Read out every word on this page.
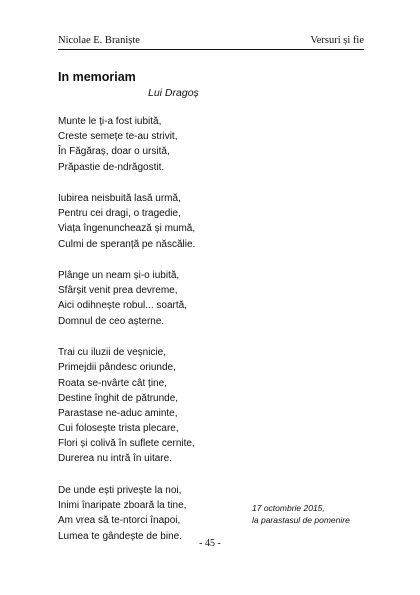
Nicolae E. Braniște	Versuri și fie
In memoriam
Lui Dragoș
Munte le ți-a fost iubită,
Creste semețe te-au strivit,
În Făgăraș, doar o ursită,
Prăpastie de-ndrăgostit.
Iubirea neisbuită lasă urmă,
Pentru cei dragi, o tragedie,
Viața îngenunchează și mumă,
Culmi de speranță pe născălie.
Plânge un neam și-o iubită,
Sfârșit venit prea devreme,
Aici odihnește robul... soartă,
Domnul de ceo așterne.
Trai cu iluzii de veșnicie,
Primejdii pândesc oriunde,
Roata se-nvârte cât ține,
Destine înghit de pătrunde,
Parastase ne-aduc aminte,
Cui folosește trista plecare,
Flori și colivă în suflete cernite,
Durerea nu intră în uitare.
De unde ești privește la noi,
Inimi înaripate zboară la tine,
Am vrea să te-ntorci înapoi,
Lumea te gândește de bine.
17 octombrie 2015,
la parastasul de pomenire
- 45 -
